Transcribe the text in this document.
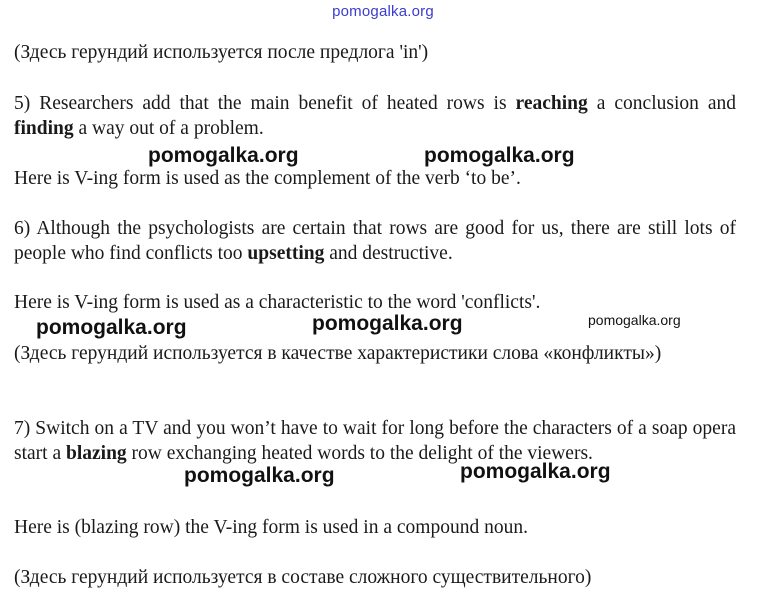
pomogalka.org
(Здесь герундий используется после предлога 'in')
5) Researchers add that the main benefit of heated rows is reaching a conclusion and finding a way out of a problem.
Here is V-ing form is used as the complement of the verb ‘to be’.
6) Although the psychologists are certain that rows are good for us, there are still lots of people who find conflicts too upsetting and destructive.
Here is V-ing form is used as a characteristic to the word 'conflicts'.
(Здесь герундий используется в качестве характеристики слова «конфликты»)
7) Switch on a TV and you won’t have to wait for long before the characters of a soap opera start a blazing row exchanging heated words to the delight of the viewers.
Here is (blazing row) the V-ing form is used in a compound noun.
(Здесь герундий используется в составе сложного существительного)
pomogalka.org	pomogalka.org
pomogalka.org	pomogalka.org	pomogalka.org
pomogalka.org	pomogalka.org
